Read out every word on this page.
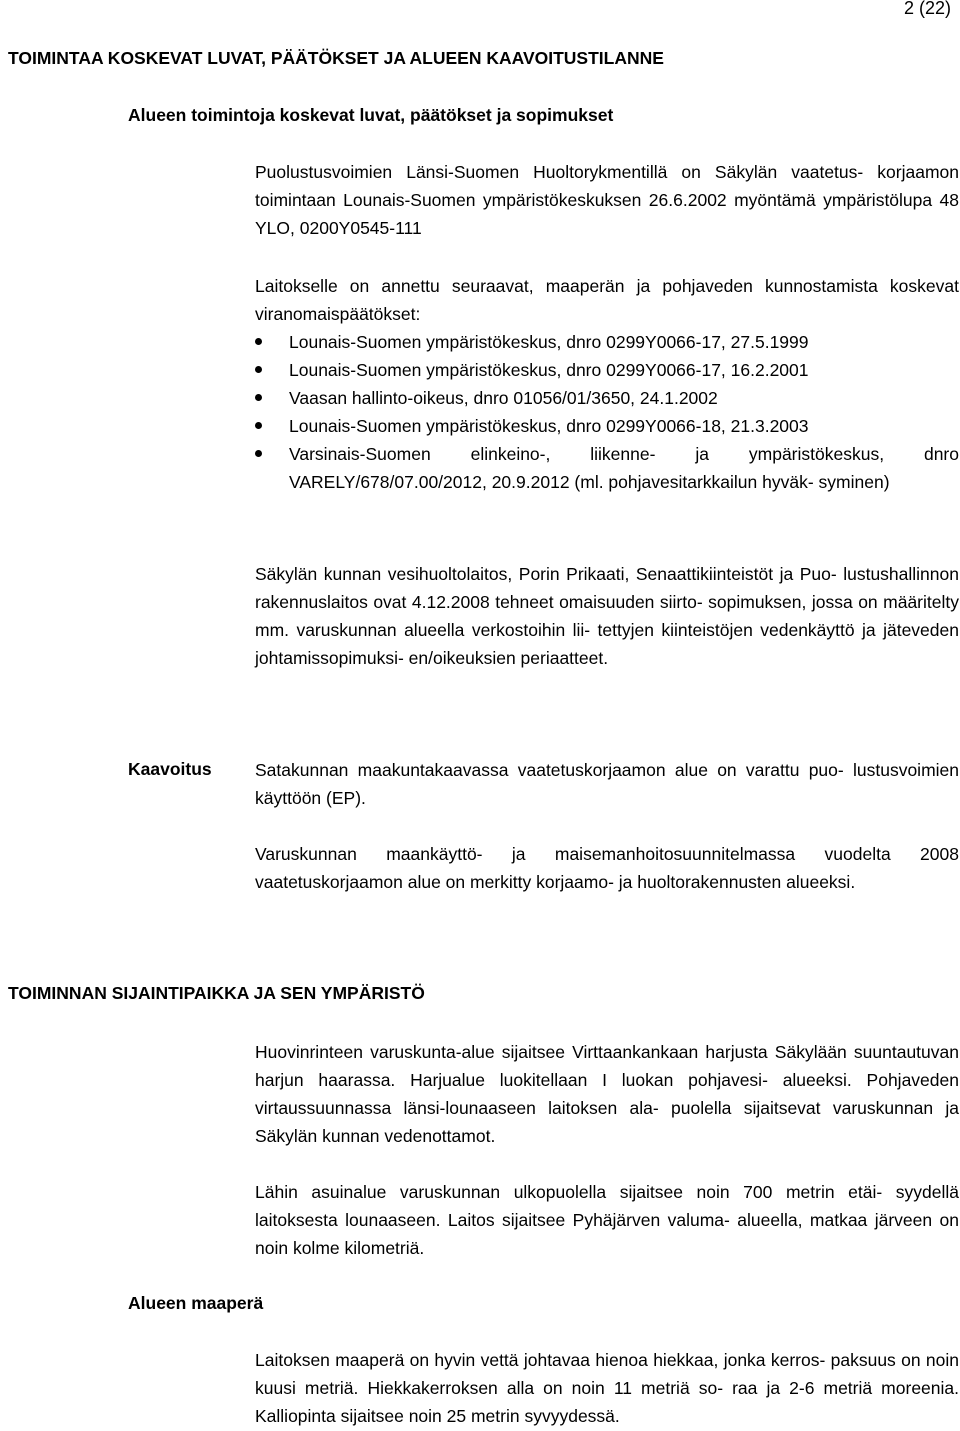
2 (22)

TOIMINTAA KOSKEVAT LUVAT, PÄÄTÖKSET JA ALUEEN KAAVOITUSTILANNE
Alueen toimintoja koskevat luvat, päätökset ja sopimukset

Puolustusvoimien Länsi-Suomen Huoltorykmentillä on Säkylän vaatetus- korjaamon toimintaan Lounais-Suomen ympäristökeskuksen 26.6.2002 myöntämä ympäristölupa 48 YLO, 0200Y0545-111

Laitokselle on annettu seuraavat, maaperän ja pohjaveden kunnostamista koskevat viranomaispäätökset:

Lounais-Suomen ympäristökeskus, dnro 0299Y0066-17, 27.5.1999
Lounais-Suomen ympäristökeskus, dnro 0299Y0066-17, 16.2.2001
Vaasan hallinto-oikeus, dnro 01056/01/3650, 24.1.2002
Lounais-Suomen ympäristökeskus, dnro 0299Y0066-18, 21.3.2003
Varsinais-Suomen elinkeino-, liikenne- ja ympäristökeskus, dnro VARELY/678/07.00/2012, 20.9.2012 (ml. pohjavesitarkkailun hyväk- syminen)

Säkylän kunnan vesihuoltolaitos, Porin Prikaati, Senaattikiinteistöt ja Puo- lustushallinnon rakennuslaitos ovat 4.12.2008 tehneet omaisuuden siirto- sopimuksen, jossa on määritelty mm. varuskunnan alueella verkostoihin lii- tettyjen kiinteistöjen vedenkäyttö ja jäteveden johtamissopimuksi- en/oikeuksien periaatteet.

Kaavoitus Satakunnan maakuntakaavassa vaatetuskorjaamon alue on varattu puo- lustusvoimien käyttöön (EP).

Varuskunnan maankäyttö- ja maisemanhoitosuunnitelmassa vuodelta 2008 vaatetuskorjaamon alue on merkitty korjaamo- ja huoltorakennusten alueeksi.

TOIMINNAN SIJAINTIPAIKKA JA SEN YMPÄRISTÖ

Huovinrinteen varuskunta-alue sijaitsee Virttaankankaan harjusta Säkylään suuntautuvan harjun haarassa. Harjualue luokitellaan I luokan pohjavesi- alueeksi. Pohjaveden virtaussuunnassa länsi-lounaaseen laitoksen ala- puolella sijaitsevat varuskunnan ja Säkylän kunnan vedenottamot.

Lähin asuinalue varuskunnan ulkopuolella sijaitsee noin 700 metrin etäi- syydellä laitoksesta lounaaseen. Laitos sijaitsee Pyhäjärven valuma- alueella, matkaa järveen on noin kolme kilometriä.

Alueen maaperä

Laitoksen maaperä on hyvin vettä johtavaa hienoa hiekkaa, jonka kerros- paksuus on noin kuusi metriä. Hiekkakerroksen alla on noin 11 metriä so- raa ja 2-6 metriä moreenia. Kalliopinta sijaitsee noin 25 metrin syvyydessä.
